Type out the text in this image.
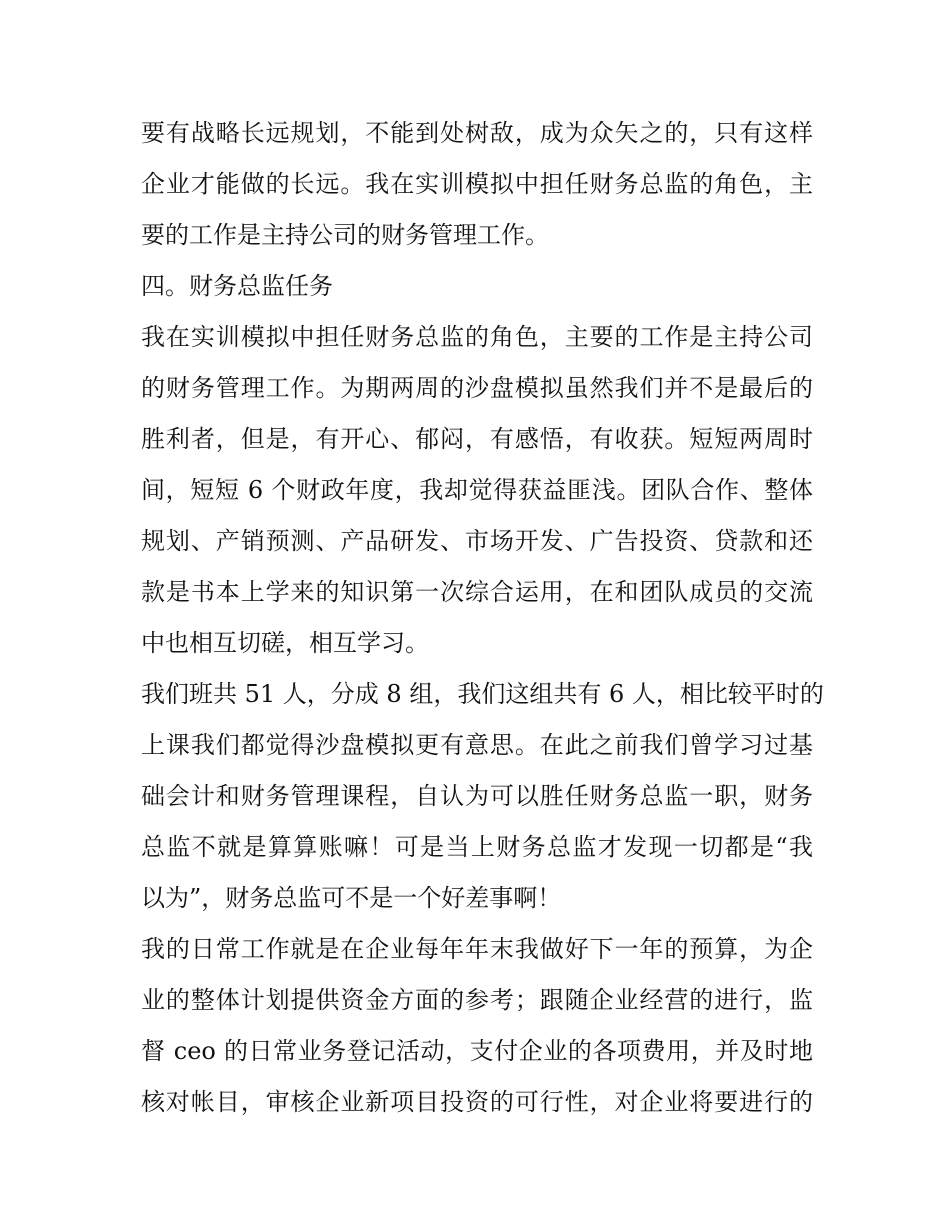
要有战略长远规划，不能到处树敌，成为众矢之的，只有这样
企业才能做的长远。我在实训模拟中担任财务总监的角色，主
要的工作是主持公司的财务管理工作。
四。财务总监任务
我在实训模拟中担任财务总监的角色，主要的工作是主持公司
的财务管理工作。为期两周的沙盘模拟虽然我们并不是最后的
胜利者，但是，有开心、郁闷，有感悟，有收获。短短两周时
间，短短 6 个财政年度，我却觉得获益匪浅。团队合作、整体
规划、产销预测、产品研发、市场开发、广告投资、贷款和还
款是书本上学来的知识第一次综合运用，在和团队成员的交流
中也相互切磋，相互学习。
我们班共 51 人，分成 8 组，我们这组共有 6 人，相比较平时的
上课我们都觉得沙盘模拟更有意思。在此之前我们曾学习过基
础会计和财务管理课程，自认为可以胜任财务总监一职，财务
总监不就是算算账嘛！可是当上财务总监才发现一切都是“我
以为”，财务总监可不是一个好差事啊！
我的日常工作就是在企业每年年末我做好下一年的预算，为企
业的整体计划提供资金方面的参考；跟随企业经营的进行，监
督 ceo 的日常业务登记活动，支付企业的各项费用，并及时地
核对帐目，审核企业新项目投资的可行性，对企业将要进行的
